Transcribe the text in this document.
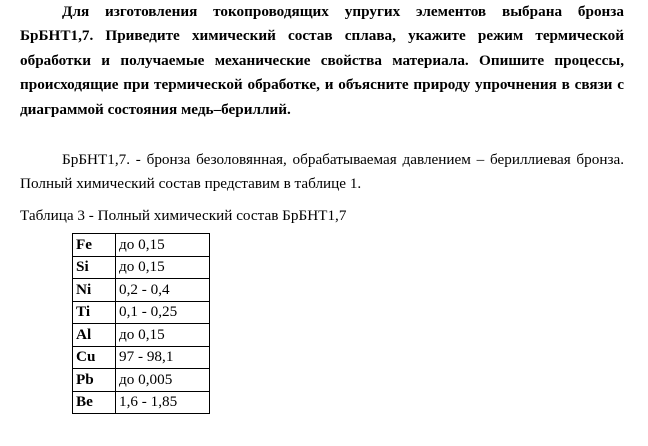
Для изготовления токопроводящих упругих элементов выбрана бронза БрБНТ1,7. Приведите химический состав сплава, укажите режим термической обработки и получаемые механические свойства материала. Опишите процессы, происходящие при термической обработке, и объясните природу упрочнения в связи с диаграммой состояния медь–бериллий.

БрБНТ1,7. - бронза безоловянная, обрабатываемая давлением – бериллиевая бронза. Полный химический состав представим в таблице 1.

Таблица 3 - Полный химический состав БрБНТ1,7

Fe	до 0,15
Si	до 0,15
Ni	0,2 - 0,4
Ti	0,1 - 0,25
Al	до 0,15
Cu	97 - 98,1
Pb	до 0,005
Be	1,6 - 1,85
